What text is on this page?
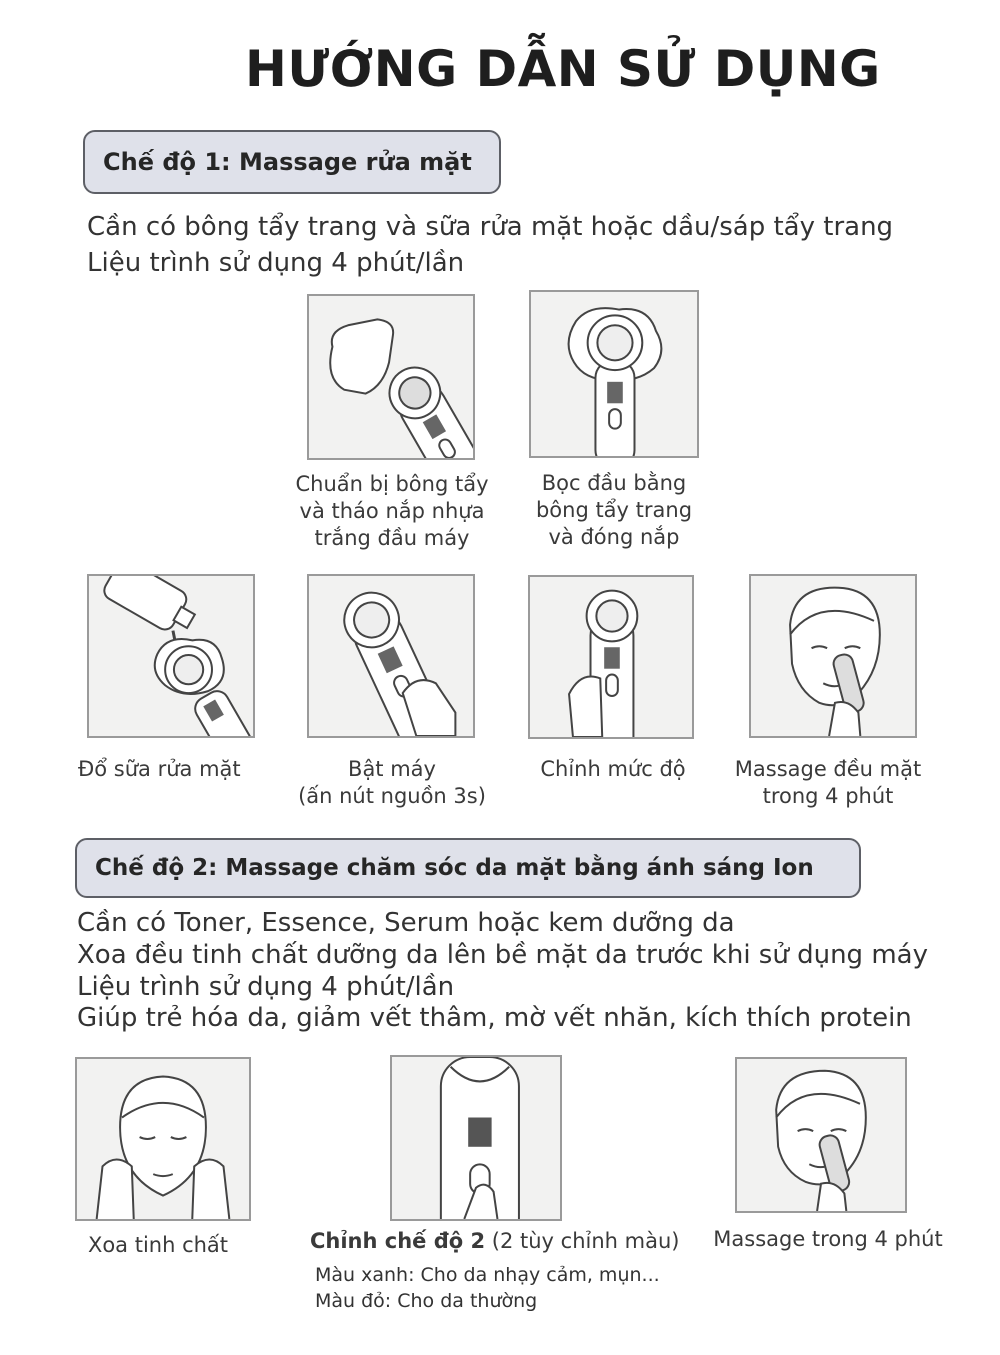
HƯỚNG DẪN SỬ DỤNG
Chế độ 1: Massage rửa mặt
Cần có bông tẩy trang và sữa rửa mặt hoặc dầu/sáp tẩy trang
Liệu trình sử dụng 4 phút/lần
Chuẩn bị bông tẩy
và tháo nắp nhựa
trắng đầu máy
Bọc đầu bằng
bông tẩy trang
và đóng nắp
Đổ sữa rửa mặt	Bật máy
(ấn nút nguồn 3s)
Chỉnh mức độ	Massage đều mặt
trong 4 phút
Chế độ 2: Massage chăm sóc da mặt bằng ánh sáng Ion
Cần có Toner, Essence, Serum hoặc kem dưỡng da
Xoa đều tinh chất dưỡng da lên bề mặt da trước khi sử dụng máy
Liệu trình sử dụng 4 phút/lần
Giúp trẻ hóa da, giảm vết thâm, mờ vết nhăn, kích thích protein
Xoa tinh chất	Chỉnh chế độ 2 (2 tùy chỉnh màu)
Màu xanh: Cho da nhạy cảm, mụn...
Màu đỏ: Cho da thường
Massage trong 4 phút
